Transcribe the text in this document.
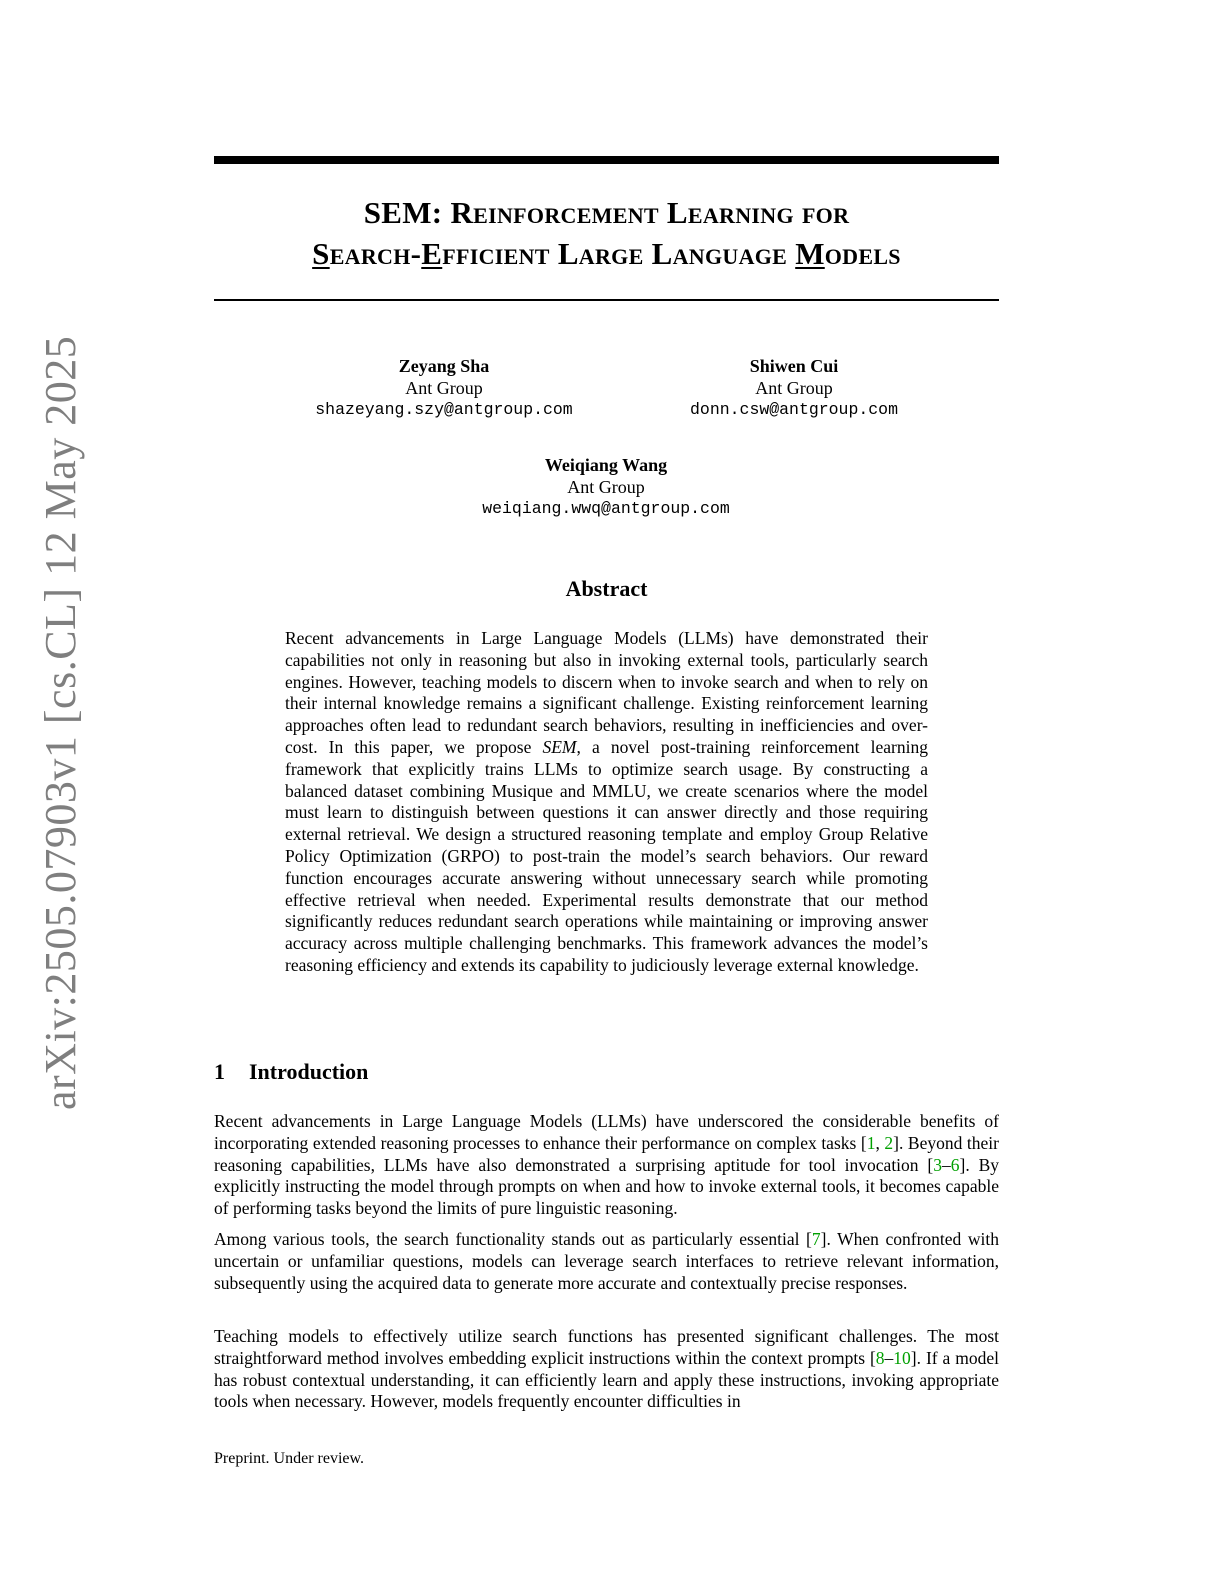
arXiv:2505.07903v1 [cs.CL] 12 May 2025
SEM: Reinforcement Learning for
Search-Efficient Large Language Models
Zeyang Sha
Ant Group
shazeyang.szy@antgroup.com
Shiwen Cui
Ant Group
donn.csw@antgroup.com
Weiqiang Wang
Ant Group
weiqiang.wwq@antgroup.com
Abstract
Recent advancements in Large Language Models (LLMs) have demonstrated their capabilities not only in reasoning but also in invoking external tools, particularly search engines. However, teaching models to discern when to invoke search and when to rely on their internal knowledge remains a significant challenge. Existing reinforcement learning approaches often lead to redundant search behaviors, resulting in inefficiencies and over-cost. In this paper, we propose SEM, a novel post-training reinforcement learning framework that explicitly trains LLMs to optimize search usage. By constructing a balanced dataset combining Musique and MMLU, we create scenarios where the model must learn to distinguish between questions it can answer directly and those requiring external retrieval. We design a structured reasoning template and employ Group Relative Policy Optimization (GRPO) to post-train the model’s search behaviors. Our reward function encourages accurate answering without unnecessary search while promoting effective retrieval when needed. Experimental results demonstrate that our method significantly reduces redundant search operations while maintaining or improving answer accuracy across multiple challenging benchmarks. This framework advances the model’s reasoning efficiency and extends its capability to judiciously leverage external knowledge.
1 Introduction
Recent advancements in Large Language Models (LLMs) have underscored the considerable benefits of incorporating extended reasoning processes to enhance their performance on complex tasks [1, 2]. Beyond their reasoning capabilities, LLMs have also demonstrated a surprising aptitude for tool invocation [3–6]. By explicitly instructing the model through prompts on when and how to invoke external tools, it becomes capable of performing tasks beyond the limits of pure linguistic reasoning.
Among various tools, the search functionality stands out as particularly essential [7]. When confronted with uncertain or unfamiliar questions, models can leverage search interfaces to retrieve relevant information, subsequently using the acquired data to generate more accurate and contextually precise responses.
Teaching models to effectively utilize search functions has presented significant challenges. The most straightforward method involves embedding explicit instructions within the context prompts [8–10]. If a model has robust contextual understanding, it can efficiently learn and apply these instructions, invoking appropriate tools when necessary. However, models frequently encounter difficulties in
Preprint. Under review.
